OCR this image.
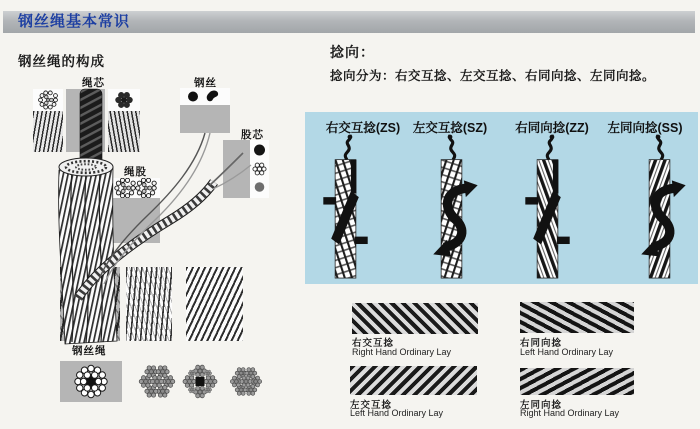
钢丝绳基本常识
钢丝绳的构成
绳芯	钢丝
股芯
绳股
钢丝绳
捻向：
捻向分为：右交互捻、左交互捻、右同向捻、左同向捻。
右交互捻(ZS)	左交互捻(SZ)	右同向捻(ZZ)	左同向捻(SS)
右交互捻
Right Hand Ordinary Lay
右同向捻
Left Hand Ordinary Lay
左交互捻
Left Hand Ordinary Lay
左同向捻
Right Hand Ordinary Lay
